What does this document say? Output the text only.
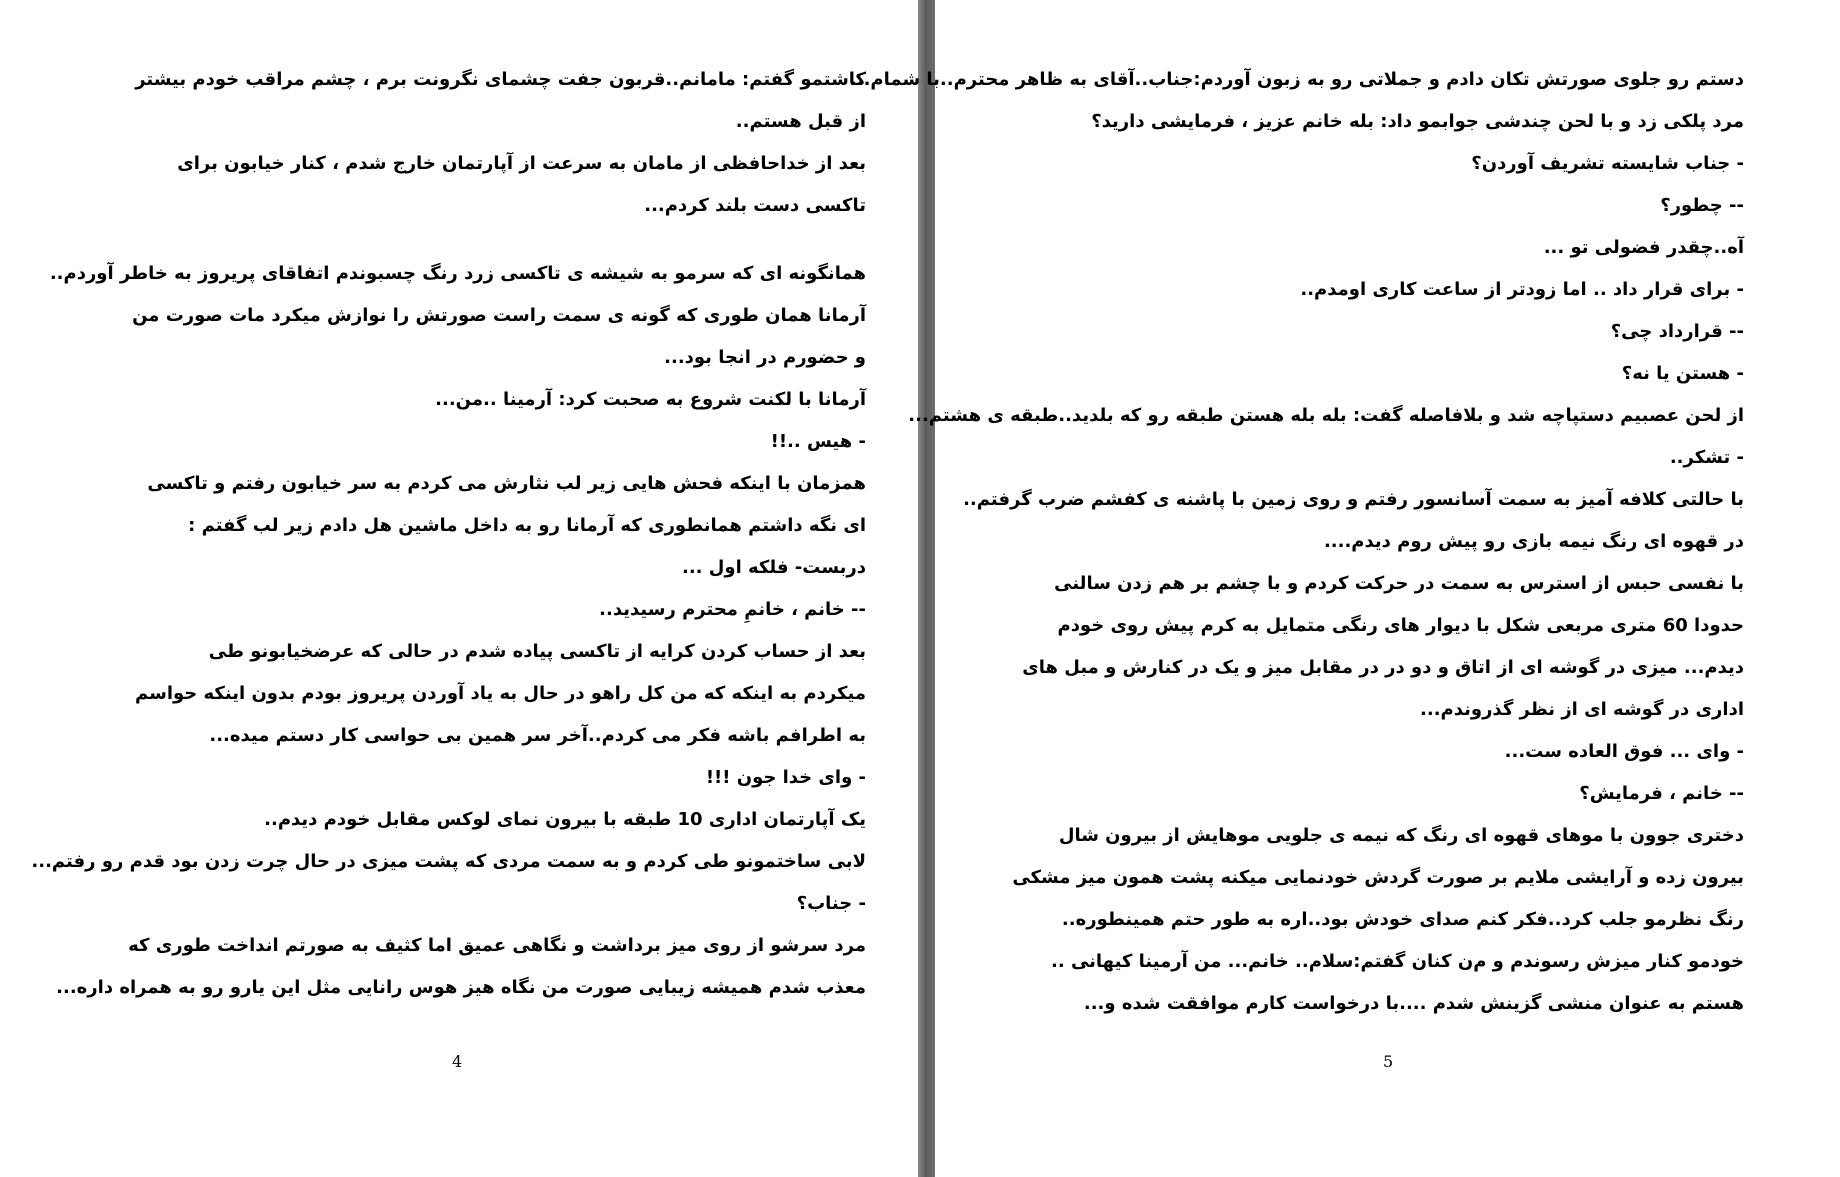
کاشتمو گفتم: مامانم..قربون جفت چشمای نگرونت برم ، چشم مراقب خودم بیشتر
از قبل هستم..
بعد از خداحافظی از مامان به سرعت از آپارتمان خارج شدم ، کنار خیابون برای
تاکسی دست بلند کردم...
همانگونه ای که سرمو به شیشه ی تاکسی زرد رنگ چسبوندم اتفاقای پریروز‌ به خاطر آوردم..
آرمانا همان طوری که گونه ی سمت راست صورتش را نوازش میکرد مات صورت من
و حضورم در انجا بود...
آرمانا با لکنت شروع به صحبت کرد: آرمینا ..من...
- هیس ..!!
همزمان با اینکه فحش هایی زیر لب نثارش می کردم به سر خیابون رفتم و تاکسی
ای نگه داشتم همانطوری که آرمانا رو به داخل ماشین هل دادم زیر لب گفتم :
دربست- فلکه اول ...
-- خانم ، خانمِ محترم رسیدید..
بعد از حساب کردن کرایه از تاکسی پیاده شدم در حالی که عرضخیابونو طی
میکردم به اینکه که من کل راهو در حال به یاد آوردن پریروز بودم بدون اینکه حواسم
به اطرافم باشه فکر می کردم..آخر سر همین بی حواسی کار دستم میده...
- وای خدا جون !!!
یک آپارتمان اداری 10 طبقه با بیرون نمای لوکس مقابل خودم دیدم..
لابی ساختمونو طی کردم و به سمت مردی که پشت میزی در حال چرت زدن بود قدم رو رفتم...
- جناب؟
مرد سرشو از روی میز برداشت و نگاهی عمیق اما کثیف به صورتم انداخت طوری که
معذب شدم همیشه زیبایی صورت من نگاه هیز هوس رانایی مثل این یارو رو به همراه داره...
4
دستم رو جلوی صورتش تکان دادم و جملاتی رو به زبون آوردم:جناب..آقای به ظاهر محترم..با شمام...
مرد پلکی زد و با لحن چندشی جوابمو داد: بله خانم عزیز ، فرمایشی دارید؟
- جناب شایسته تشریف آوردن؟
-- چطور؟
آه..چقدر فضولی تو ...
- برای قرار داد .. اما زودتر از ساعت کاری اومدم..
-- قرارداد چی؟
- هستن یا نه؟
از لحن عصبیم دستپاچه شد و بلافاصله گفت: بله بله هستن طبقه رو که بلدید..طبقه ی هشتم...
- تشکر..
با حالتی کلافه آمیز به سمت آسانسور رفتم و روی زمین با پاشنه ی کفشم ضرب گرفتم..
در قهوه ای رنگ‌ نیمه بازی رو پیش روم دیدم....
با نفسی حبس از استرس به سمت در حرکت کردم و با چشم بر هم زدن سالنی
حدودا 60 متری مربعی شکل با دیوار های رنگی متمایل به کرم پیش روی خودم
دیدم... میزی در گوشه ای از اتاق و دو در در مقابل میز و یک در کنارش و مبل های
اداری در گوشه ای از نظر گذروندم...
- وای ... فوق العاده ست...
-- خانم ، فرمایش؟
دختری جوون با موهای قهوه ای رنگ که نیمه ی جلویی موهایش از بیرون شال
بیرون زده و آرایشی ملایم بر صورت گردش خودنمایی میکنه پشت همون میز مشکی
رنگ نظرمو جلب کرد..فکر کنم صدای خودش بود..اره به طور حتم همینطوره..
خودمو کنار میزش رسوندم و م‌ن کنان گفتم:سلام.. خانم... من آرمینا کیهانی ..
هستم به عنوان منشی گزینش شدم ....با درخواست کارم موافقت شده و...
5
